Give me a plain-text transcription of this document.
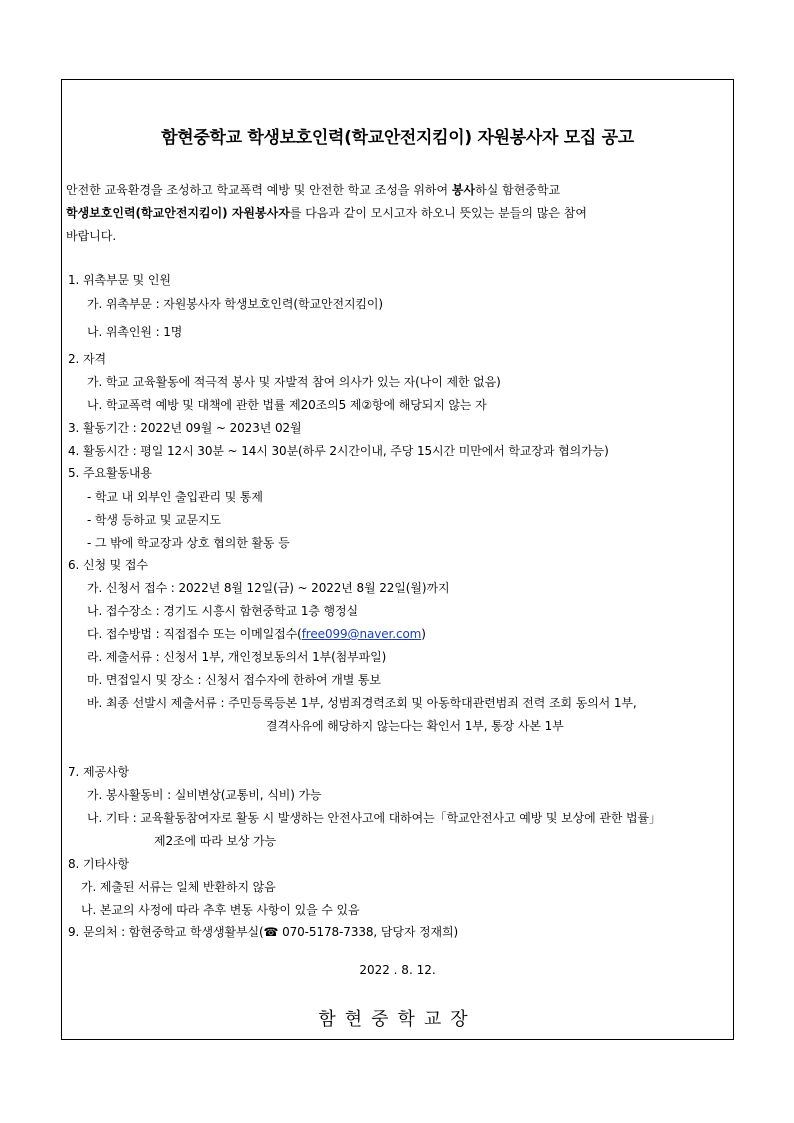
함현중학교 학생보호인력(학교안전지킴이) 자원봉사자 모집 공고
안전한 교육환경을 조성하고 학교폭력 예방 및 안전한 학교 조성을 위하여 봉사하실 함현중학교
학생보호인력(학교안전지킴이) 자원봉사자를 다음과 같이 모시고자 하오니 뜻있는 분들의 많은 참여
바랍니다.
1. 위촉부문 및 인원
가. 위촉부문 : 자원봉사자 학생보호인력(학교안전지킴이)
나. 위촉인원 : 1명
2. 자격
가. 학교 교육활동에 적극적 봉사 및 자발적 참여 의사가 있는 자(나이 제한 없음)
나. 학교폭력 예방 및 대책에 관한 법률 제20조의5 제②항에 해당되지 않는 자
3. 활동기간 : 2022년 09월 ~ 2023년 02월
4. 활동시간 : 평일 12시 30분 ~ 14시 30분(하루 2시간이내, 주당 15시간 미만에서 학교장과 협의가능)
5. 주요활동내용
- 학교 내 외부인 출입관리 및 통제
- 학생 등하교 및 교문지도
- 그 밖에 학교장과 상호 협의한 활동 등
6. 신청 및 접수
가. 신청서 접수 : 2022년 8월 12일(금) ~ 2022년 8월 22일(월)까지
나. 접수장소 : 경기도 시흥시 함현중학교 1층 행정실
다. 접수방법 : 직접접수 또는 이메일접수(free099@naver.com)
라. 제출서류 : 신청서 1부, 개인정보동의서 1부(첨부파일)
마. 면접일시 및 장소 : 신청서 접수자에 한하여 개별 통보
바. 최종 선발시 제출서류 : 주민등록등본 1부, 성범죄경력조회 및 아동학대관련범죄 전력 조회 동의서 1부,
결격사유에 해당하지 않는다는 확인서 1부, 통장 사본 1부
7. 제공사항
가. 봉사활동비 : 실비변상(교통비, 식비) 가능
나. 기타 : 교육활동참여자로 활동 시 발생하는 안전사고에 대하여는「학교안전사고 예방 및 보상에 관한 법률」
제2조에 따라 보상 가능
8. 기타사항
가. 제출된 서류는 일체 반환하지 않음
나. 본교의 사정에 따라 추후 변동 사항이 있을 수 있음
9. 문의처 : 함현중학교 학생생활부실(☎ 070-5178-7338, 담당자 정재희)
2022 . 8. 12.
함현중학교장
